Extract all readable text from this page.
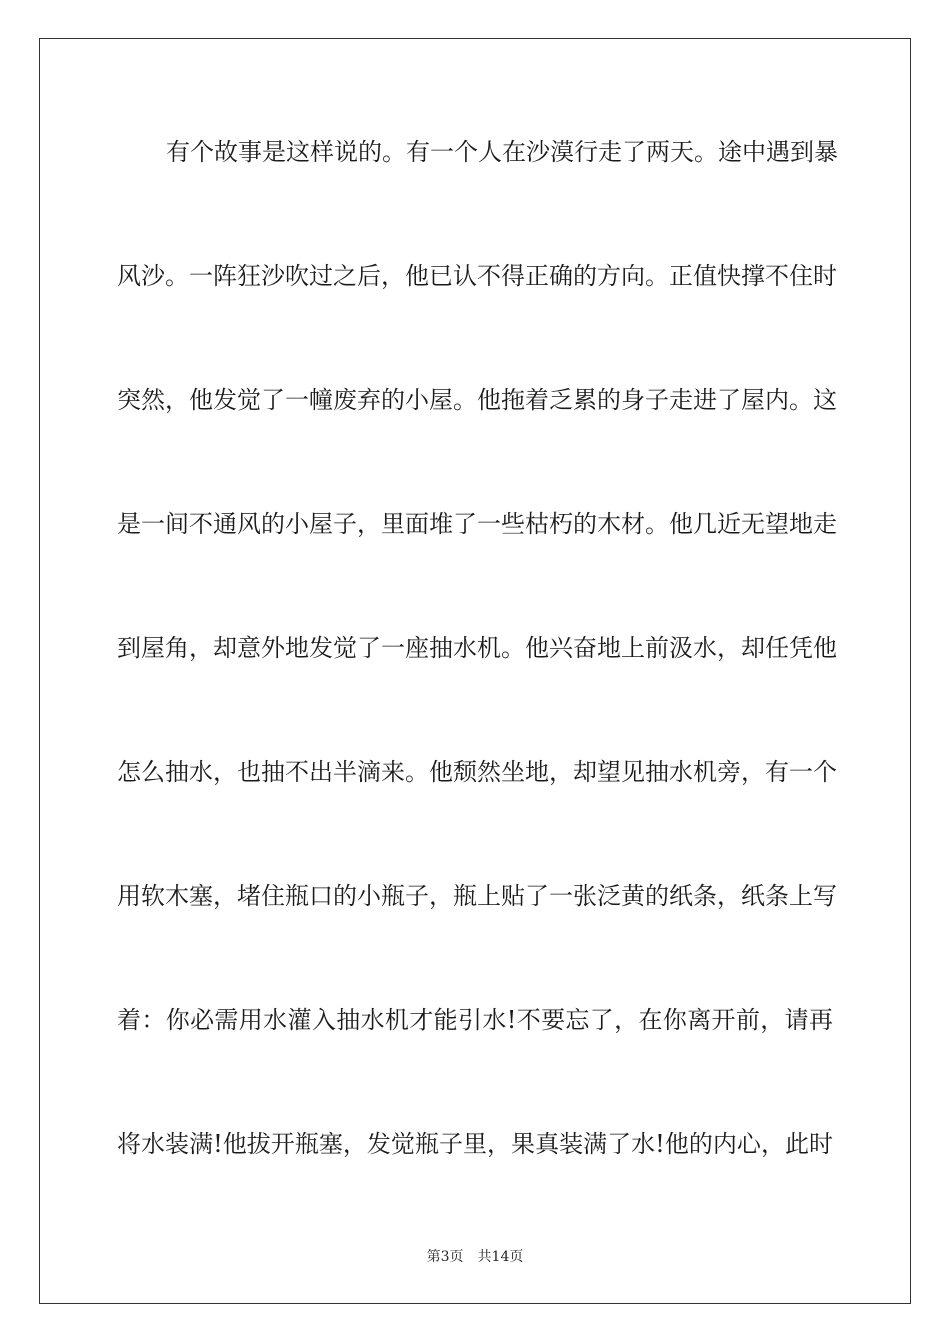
有个故事是这样说的。有一个人在沙漠行走了两天。途中遇到暴
风沙。一阵狂沙吹过之后，他已认不得正确的方向。正值快撑不住时
突然，他发觉了一幢废弃的小屋。他拖着乏累的身子走进了屋内。这
是一间不通风的小屋子，里面堆了一些枯朽的木材。他几近无望地走
到屋角，却意外地发觉了一座抽水机。他兴奋地上前汲水，却任凭他
怎么抽水，也抽不出半滴来。他颓然坐地，却望见抽水机旁，有一个
用软木塞，堵住瓶口的小瓶子，瓶上贴了一张泛黄的纸条，纸条上写
着：你必需用水灌入抽水机才能引水!不要忘了，在你离开前，请再
将水装满!他拔开瓶塞，发觉瓶子里，果真装满了水!他的内心，此时
第3页 共14页
